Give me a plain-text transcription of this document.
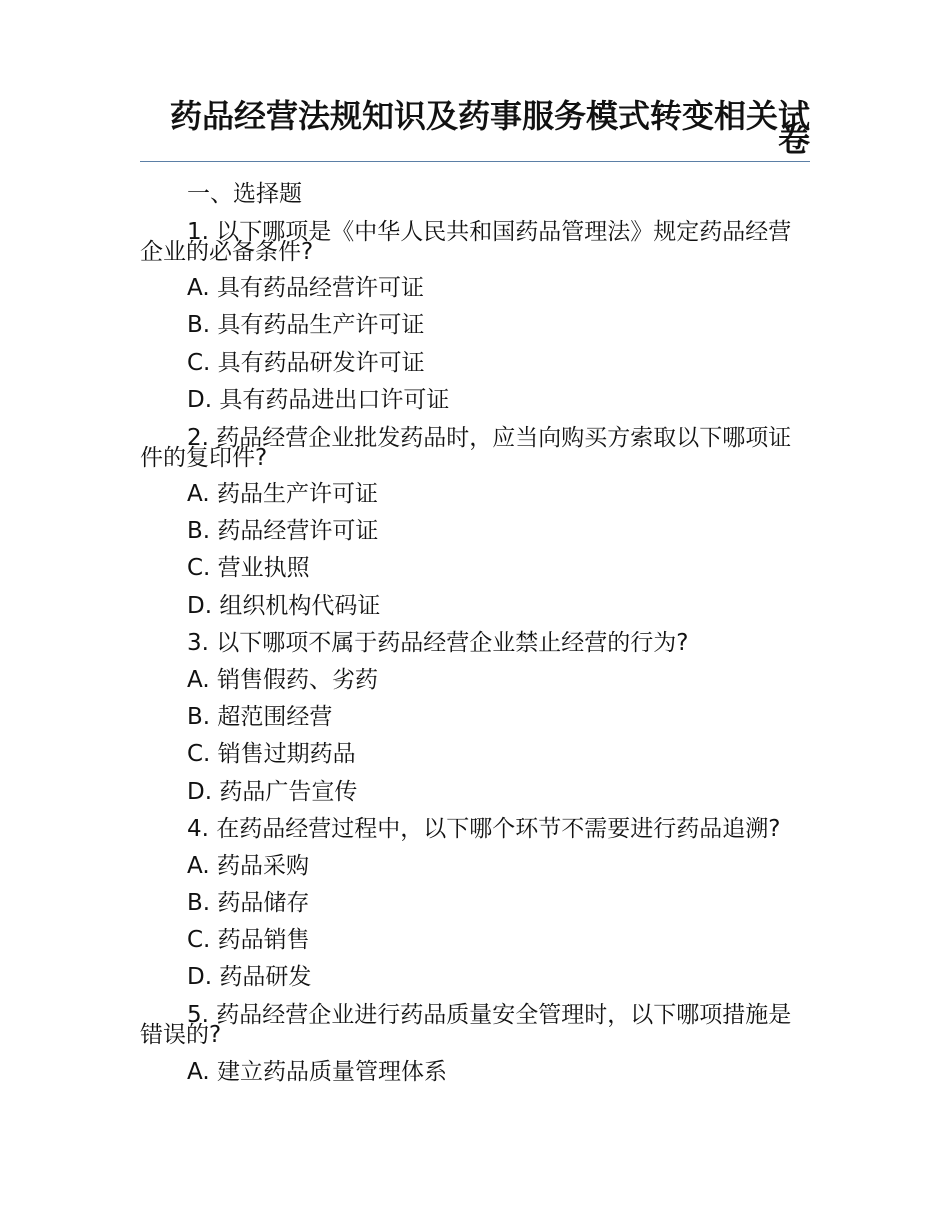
药品经营法规知识及药事服务模式转变相关试卷

一、选择题

1. 以下哪项是《中华人民共和国药品管理法》规定药品经营企业的必备条件?

A. 具有药品经营许可证

B. 具有药品生产许可证

C. 具有药品研发许可证

D. 具有药品进出口许可证

2. 药品经营企业批发药品时，应当向购买方索取以下哪项证件的复印件?

A. 药品生产许可证

B. 药品经营许可证

C. 营业执照

D. 组织机构代码证

3. 以下哪项不属于药品经营企业禁止经营的行为?

A. 销售假药、劣药

B. 超范围经营

C. 销售过期药品

D. 药品广告宣传

4. 在药品经营过程中，以下哪个环节不需要进行药品追溯?

A. 药品采购

B. 药品储存

C. 药品销售

D. 药品研发

5. 药品经营企业进行药品质量安全管理时，以下哪项措施是错误的?

A. 建立药品质量管理体系
